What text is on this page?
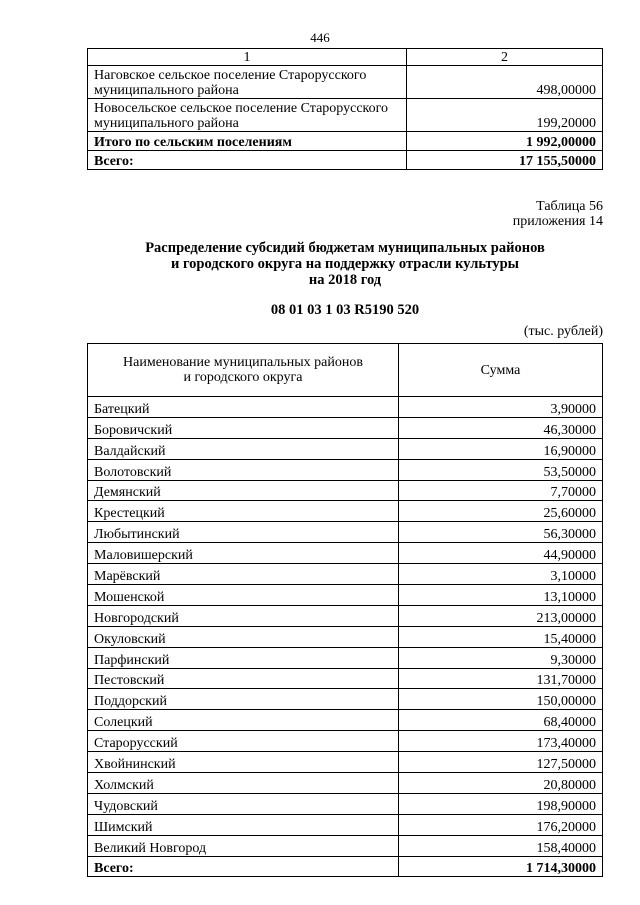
446
1	2
Наговское сельское поселение Старорусского муниципального района	498,00000
Новосельское сельское поселение Старорусского муниципального района	199,20000
Итого по сельским поселениям	1 992,00000
Всего:	17 155,50000
Таблица 56
приложения 14
Распределение субсидий бюджетам муниципальных районов
и городского округа на поддержку отрасли культуры
на 2018 год
08 01 03 1 03 R5190 520
(тыс. рублей)
Наименование муниципальных районов
и городского округа	Сумма
Батецкий	3,90000
Боровичский	46,30000
Валдайский	16,90000
Волотовский	53,50000
Демянский	7,70000
Крестецкий	25,60000
Любытинский	56,30000
Маловишерский	44,90000
Марёвский	3,10000
Мошенской	13,10000
Новгородский	213,00000
Окуловский	15,40000
Парфинский	9,30000
Пестовский	131,70000
Поддорский	150,00000
Солецкий	68,40000
Старорусский	173,40000
Хвойнинский	127,50000
Холмский	20,80000
Чудовский	198,90000
Шимский	176,20000
Великий Новгород	158,40000
Всего:	1 714,30000
